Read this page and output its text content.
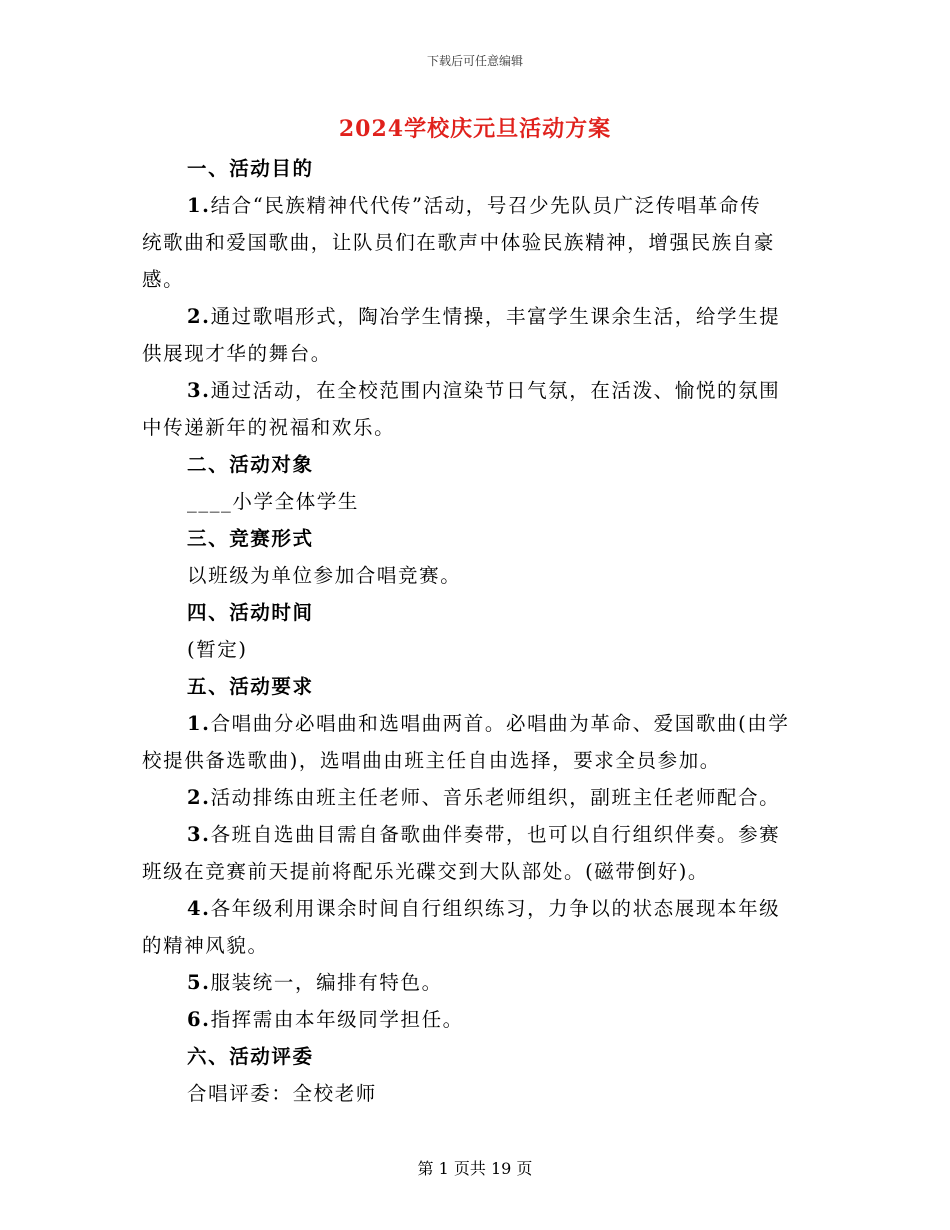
下载后可任意编辑
2024学校庆元旦活动方案
一、活动目的
1.结合“民族精神代代传”活动，号召少先队员广泛传唱革命传
统歌曲和爱国歌曲，让队员们在歌声中体验民族精神，增强民族自豪
感。
2.通过歌唱形式，陶冶学生情操，丰富学生课余生活，给学生提
供展现才华的舞台。
3.通过活动，在全校范围内渲染节日气氛，在活泼、愉悦的氛围
中传递新年的祝福和欢乐。
二、活动对象
____小学全体学生
三、竞赛形式
以班级为单位参加合唱竞赛。
四、活动时间
(暂定)
五、活动要求
1.合唱曲分必唱曲和选唱曲两首。必唱曲为革命、爱国歌曲(由学
校提供备选歌曲)，选唱曲由班主任自由选择，要求全员参加。
2.活动排练由班主任老师、音乐老师组织，副班主任老师配合。
3.各班自选曲目需自备歌曲伴奏带，也可以自行组织伴奏。参赛
班级在竞赛前天提前将配乐光碟交到大队部处。(磁带倒好)。
4.各年级利用课余时间自行组织练习，力争以的状态展现本年级
的精神风貌。
5.服装统一，编排有特色。
6.指挥需由本年级同学担任。
六、活动评委
合唱评委：全校老师
第 1 页共 19 页
